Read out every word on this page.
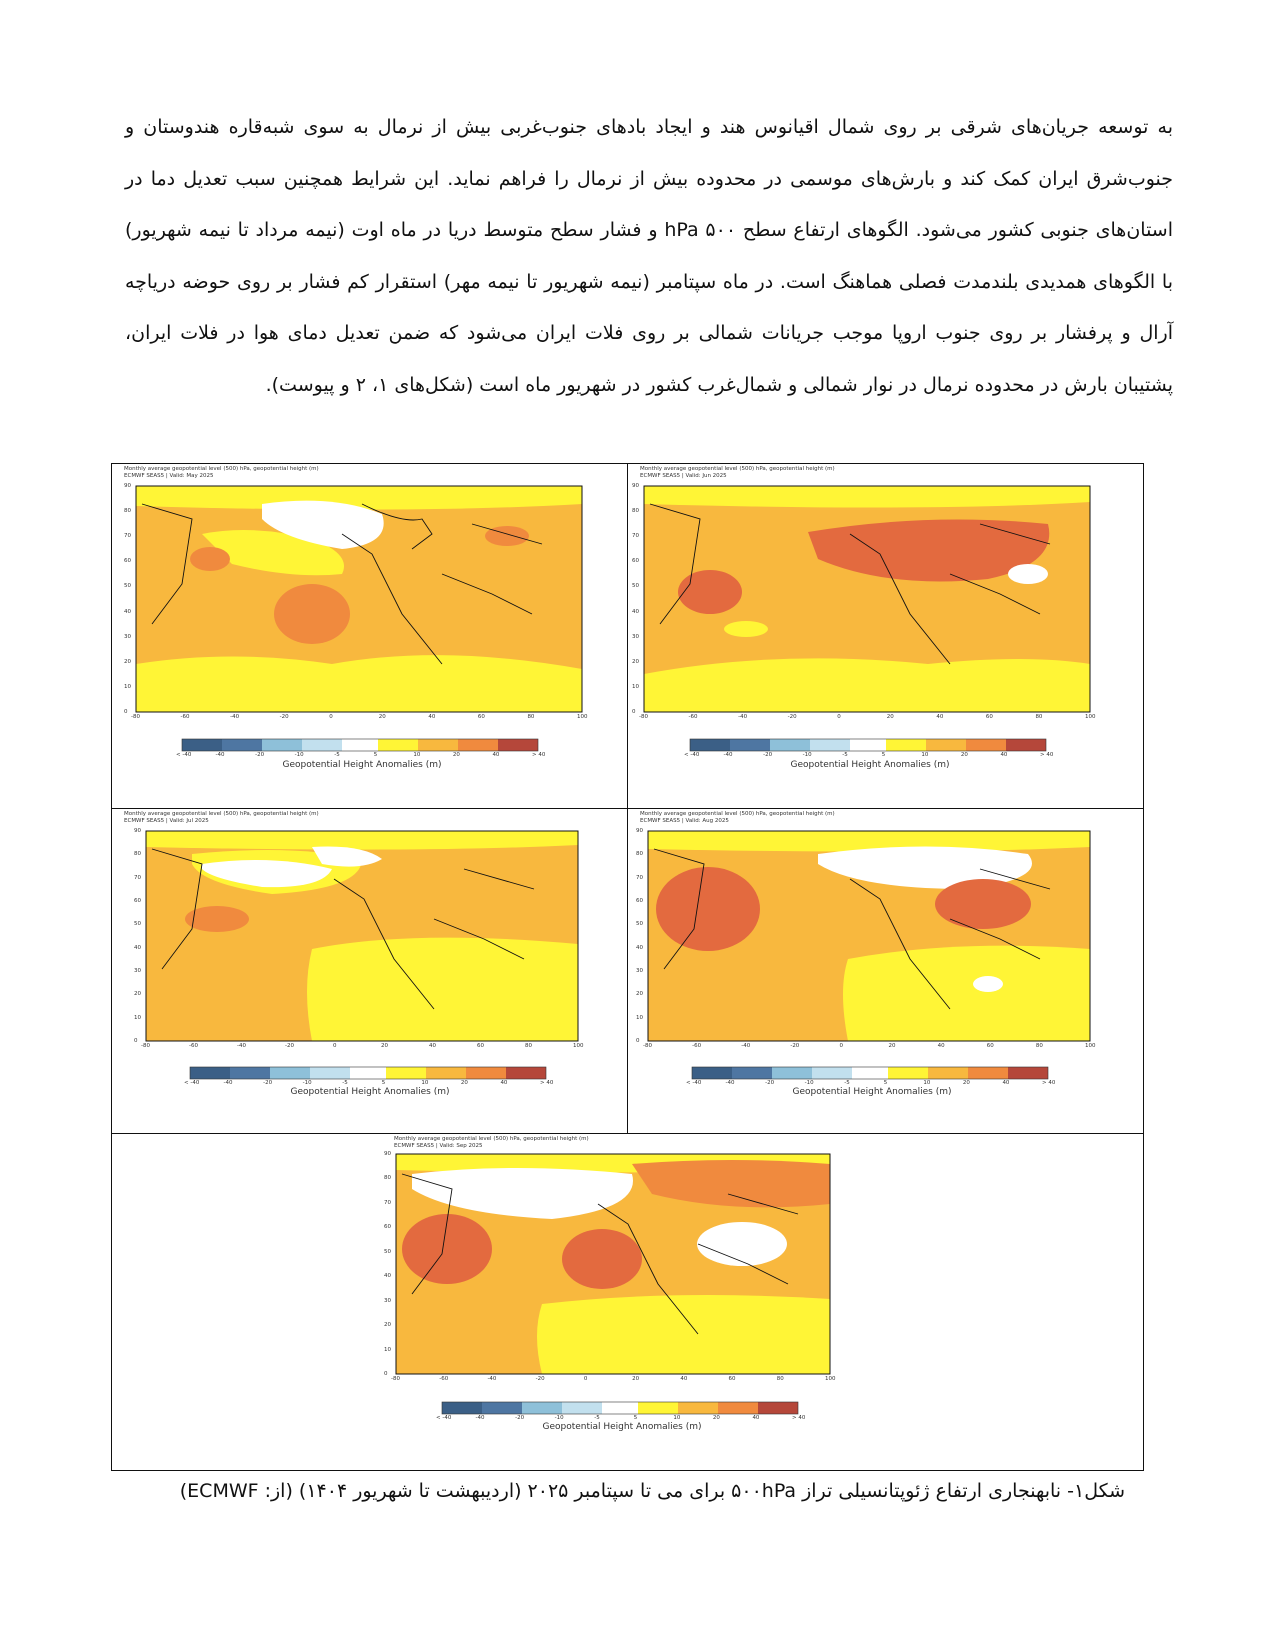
به توسعه جریان‌های شرقی بر روی شمال اقیانوس هند و ایجاد بادهای جنوب‌غربی بیش از نرمال به سوی شبه‌قاره هندوستان و جنوب‌شرق ایران کمک کند و بارش‌های موسمی در محدوده بیش از نرمال را فراهم نماید. این شرایط همچنین سبب تعدیل دما در استان‌های جنوبی کشور می‌شود. الگوهای ارتفاع سطح ۵۰۰ hPa و فشار سطح متوسط دریا در ماه اوت (نیمه مرداد تا نیمه شهریور) با الگوهای همدیدی بلندمدت فصلی هماهنگ است. در ماه سپتامبر (نیمه شهریور تا نیمه مهر) استقرار کم فشار بر روی حوضه دریاچه آرال و پرفشار بر روی جنوب اروپا موجب جریانات شمالی بر روی فلات ایران می‌شود که ضمن تعدیل دمای هوا در فلات ایران، پشتیبان بارش در محدوده نرمال در نوار شمالی و شمال‌غرب کشور در شهریور ماه است (شکل‌های ۱، ۲ و پیوست).
Monthly average geopotential level (500) hPa, geopotential height (m)
ECMWF SEAS5 | Valid: May 2025
Geopotential Height Anomalies (m)
-80	-60	-40	-20	0	20	40	60	80	100
90
80
70
60
50
40
30
20
10
0
< -40	-40	-20	-10	-5	5	10	20	40	> 40
Monthly average geopotential level (500) hPa, geopotential height (m)
ECMWF SEAS5 | Valid: Jun 2025
Geopotential Height Anomalies (m)
-80	-60	-40	-20	0	20	40	60	80	100
90
80
70
60
50
40
30
20
10
0
< -40	-40	-20	-10	-5	5	10	20	40	> 40
Monthly average geopotential level (500) hPa, geopotential height (m)
ECMWF SEAS5 | Valid: Jul 2025
Geopotential Height Anomalies (m)
-80	-60	-40	-20	0	20	40	60	80	100
90
80
70
60
50
40
30
20
10
0
< -40	-40	-20	-10	-5	5	10	20	40	> 40
Monthly average geopotential level (500) hPa, geopotential height (m)
ECMWF SEAS5 | Valid: Aug 2025
Geopotential Height Anomalies (m)
-80	-60	-40	-20	0	20	40	60	80	100
90
80
70
60
50
40
30
20
10
0
< -40	-40	-20	-10	-5	5	10	20	40	> 40
Monthly average geopotential level (500) hPa, geopotential height (m)
ECMWF SEAS5 | Valid: Sep 2025
Geopotential Height Anomalies (m)
-80	-60	-40	-20	0	20	40	60	80	100
90
80
70
60
50
40
30
20
10
0
< -40	-40	-20	-10	-5	5	10	20	40	> 40
شکل۱- نابهنجاری ارتفاع ژئوپتانسیلی تراز ۵۰۰hPa برای می تا سپتامبر ۲۰۲۵ (اردیبهشت تا شهریور ۱۴۰۴) (از: ECMWF)
